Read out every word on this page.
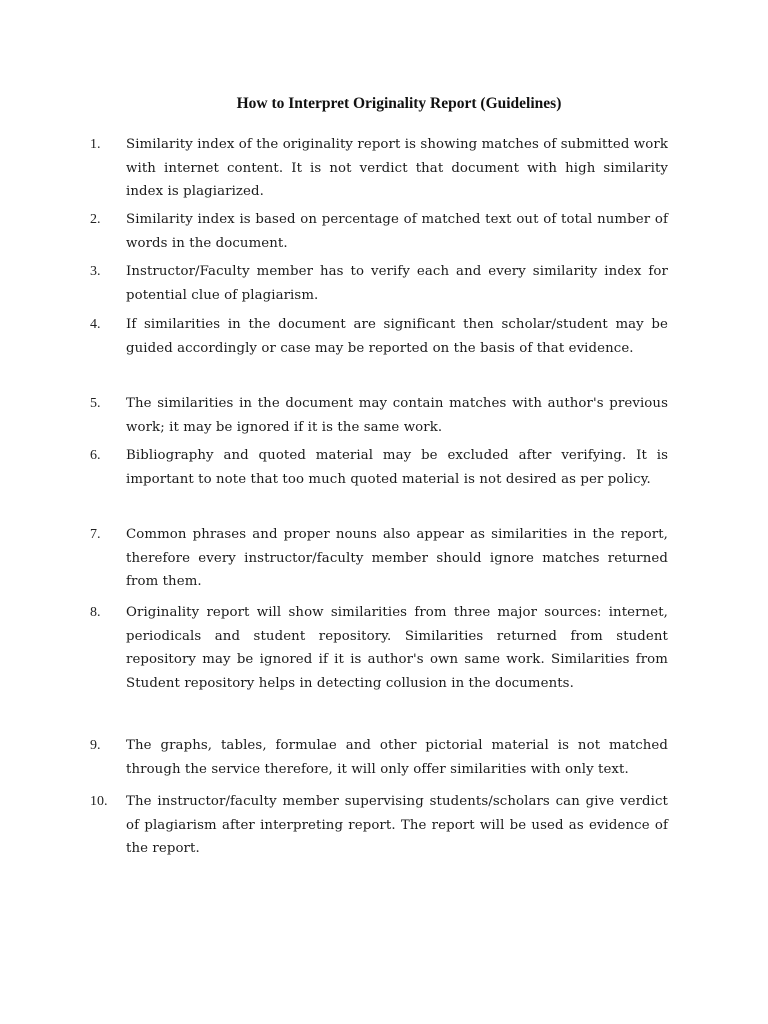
How to Interpret Originality Report (Guidelines)
1.	Similarity index of the originality report is showing matches of submitted work with internet content. It is not verdict that document with high similarity index is plagiarized.
2.	Similarity index is based on percentage of matched text out of total number of words in the document.
3.	Instructor/Faculty member has to verify each and every similarity index for potential clue of plagiarism.
4.	If similarities in the document are significant then scholar/student may be guided accordingly or case may be reported on the basis of that evidence.
5.	The similarities in the document may contain matches with author's previous work; it may be ignored if it is the same work.
6.	Bibliography and quoted material may be excluded after verifying. It is important to note that too much quoted material is not desired as per policy.
7.	Common phrases and proper nouns also appear as similarities in the report, therefore every instructor/faculty member should ignore matches returned from them.
8.	Originality report will show similarities from three major sources: internet, periodicals and student repository. Similarities returned from student repository may be ignored if it is author's own same work. Similarities from Student repository helps in detecting collusion in the documents.
9.	The graphs, tables, formulae and other pictorial material is not matched through the service therefore, it will only offer similarities with only text.
10.	The instructor/faculty member supervising students/scholars can give verdict of plagiarism after interpreting report. The report will be used as evidence of the report.
